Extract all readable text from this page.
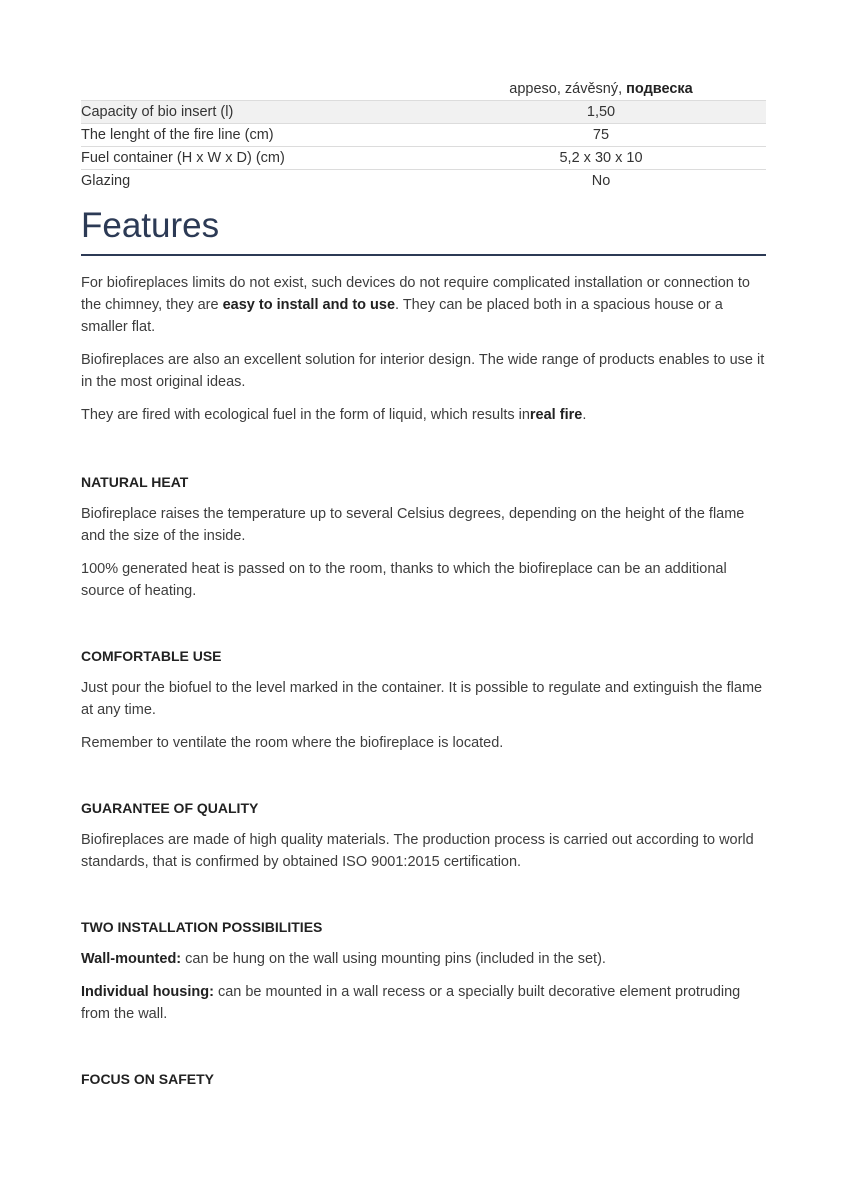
	appeso, závěsný, подвеска
Capacity of bio insert (l)	1,50
The lenght of the fire line (cm)	75
Fuel container (H x W x D) (cm)	5,2 x 30 x 10
Glazing	No
Features

For biofireplaces limits do not exist, such devices do not require complicated installation or connection to the chimney, they are easy to install and to use. They can be placed both in a spacious house or a smaller flat.

Biofireplaces are also an excellent solution for interior design. The wide range of products enables to use it in the most original ideas.

They are fired with ecological fuel in the form of liquid, which results inreal fire.

NATURAL HEAT

Biofireplace raises the temperature up to several Celsius degrees, depending on the height of the flame and the size of the inside.

100% generated heat is passed on to the room, thanks to which the biofireplace can be an additional source of heating.

COMFORTABLE USE

Just pour the biofuel to the level marked in the container. It is possible to regulate and extinguish the flame at any time.

Remember to ventilate the room where the biofireplace is located.

GUARANTEE OF QUALITY

Biofireplaces are made of high quality materials. The production process is carried out according to world standards, that is confirmed by obtained ISO 9001:2015 certification.

TWO INSTALLATION POSSIBILITIES

Wall-mounted: can be hung on the wall using mounting pins (included in the set).

Individual housing: can be mounted in a wall recess or a specially built decorative element protruding from the wall.

FOCUS ON SAFETY
